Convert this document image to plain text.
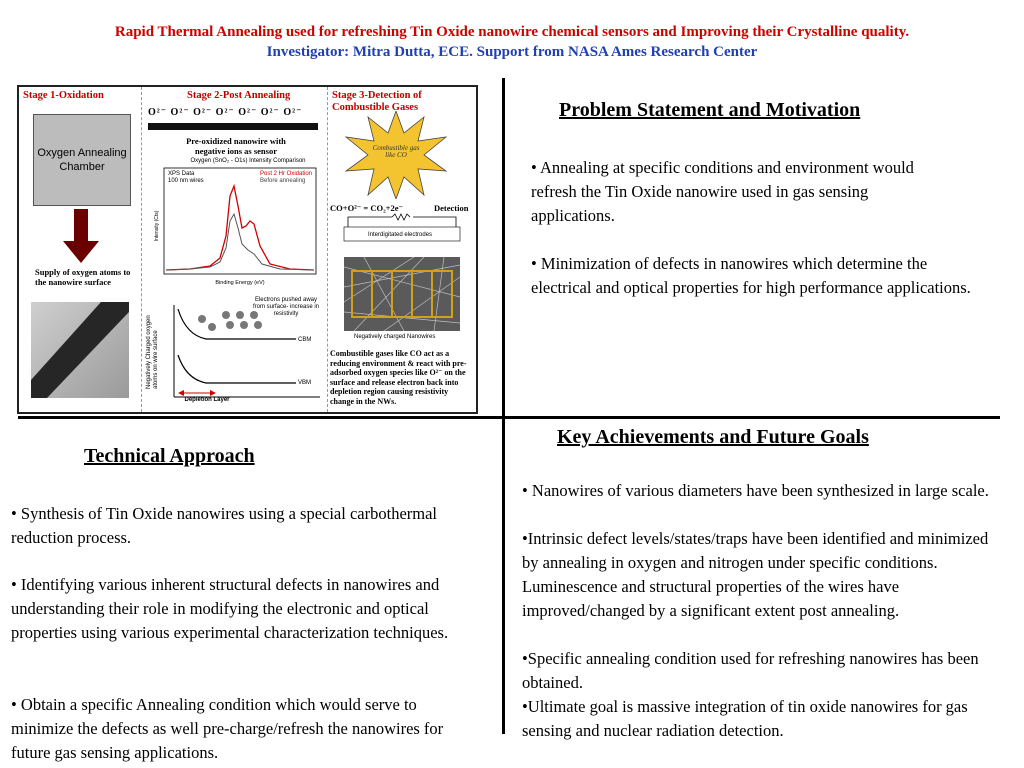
Rapid Thermal Annealing used for refreshing Tin Oxide nanowire chemical sensors and Improving their Crystalline quality.
Investigator: Mitra Dutta, ECE. Support from NASA Ames Research Center
Stage 1-Oxidation
Oxygen Annealing Chamber
Supply of oxygen atoms to the nanowire surface
Stage 2-Post Annealing
O²⁻ O²⁻ O²⁻ O²⁻ O²⁻ O²⁻ O²⁻
Pre-oxidized nanowire with negative ions as sensor
Oxygen (SnO₂ - O1s) Intensity Comparison
Binding Energy (eV)
Intensity (Cts)
XPS Data
100 nm wires
Post 2 Hr Oxidation
Before annealing
Electrons pushed away from surface- increase in resistivity
CBM
VBM
Depletion Layer
Negatively Charged oxygen atoms on wire surface
Stage 3-Detection of Combustible Gases
Combustible gas like CO
CO+O²⁻ = CO₂+2e⁻	Detection
Interdigitated electrodes
Negatively charged Nanowires
Combustible gases like CO act as a reducing environment & react with pre-adsorbed oxygen species like O²⁻ on the surface and release electron back into depletion region causing resistivity change in the NWs.
Problem Statement and Motivation

• Annealing at specific conditions and environment would refresh the Tin Oxide nanowire used in gas sensing applications.

• Minimization of defects in nanowires which determine the electrical and optical properties for high performance applications.

Technical Approach

• Synthesis of Tin Oxide nanowires using a special carbothermal reduction process.

• Identifying various inherent structural defects in nanowires and understanding their role in modifying the electronic and optical properties using various experimental characterization techniques.

• Obtain a specific Annealing condition which would serve to minimize the defects as well pre-charge/refresh the nanowires for future gas sensing applications.

Key Achievements and Future Goals

• Nanowires of various diameters have been synthesized in large scale.

•Intrinsic defect levels/states/traps have been identified and minimized by annealing in oxygen and nitrogen under specific conditions. Luminescence and structural properties of the wires have improved/changed by a significant extent post annealing.

•Specific annealing condition used for refreshing nanowires has been obtained.

•Ultimate goal is massive integration of tin oxide nanowires for gas sensing and nuclear radiation detection.
